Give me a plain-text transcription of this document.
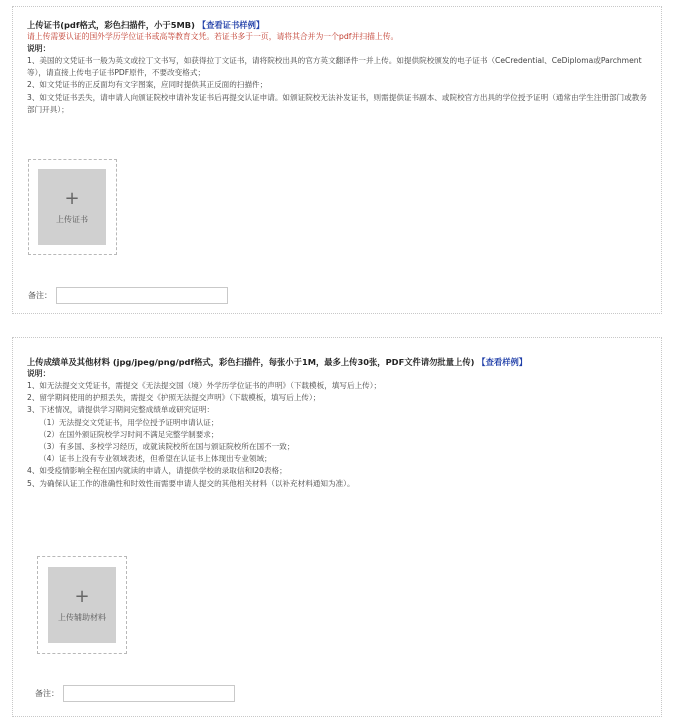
上传证书(pdf格式，彩色扫描件，小于5MB) 【查看证书样例】
请上传需要认证的国外学历学位证书或高等教育文凭。若证书多于一页，请将其合并为一个pdf并扫描上传。
说明：
1、美国的文凭证书一般为英文或拉丁文书写，如获得拉丁文证书，请将院校出具的官方英文翻译件一并上传。如提供院校颁发的电子证书（CeCredential、CeDiploma或Parchment等），请直接上传电子证书PDF原件，不要改变格式；
2、如文凭证书的正反面均有文字图案，应同时提供其正反面的扫描件；
3、如文凭证书丢失，请申请人向颁证院校申请补发证书后再提交认证申请。如颁证院校无法补发证书，则需提供证书副本、或院校官方出具的学位授予证明（通常由学生注册部门或教务部门开具）；
+
上传证书
备注：
上传成绩单及其他材料 (jpg/jpeg/png/pdf格式，彩色扫描件，每张小于1M，最多上传30张，PDF文件请勿批量上传) 【查看样例】
说明：
1、如无法提交文凭证书，需提交《无法提交国（境）外学历学位证书的声明》（下载模板，填写后上传）；
2、留学期间使用的护照丢失，需提交《护照无法提交声明》（下载模板，填写后上传）；
3、下述情况，请提供学习期间完整成绩单或研究证明：
（1）无法提交文凭证书，用学位授予证明申请认证；
（2）在国外颁证院校学习时间不满足完整学制要求；
（3）有多国、多校学习经历，或就读院校所在国与颁证院校所在国不一致；
（4）证书上没有专业领域表述，但希望在认证书上体现出专业领域；
4、如受疫情影响全程在国内就读的申请人，请提供学校的录取信和I20表格；
5、为确保认证工作的准确性和时效性而需要申请人提交的其他相关材料（以补充材料通知为准）。
+
上传辅助材料
备注：
